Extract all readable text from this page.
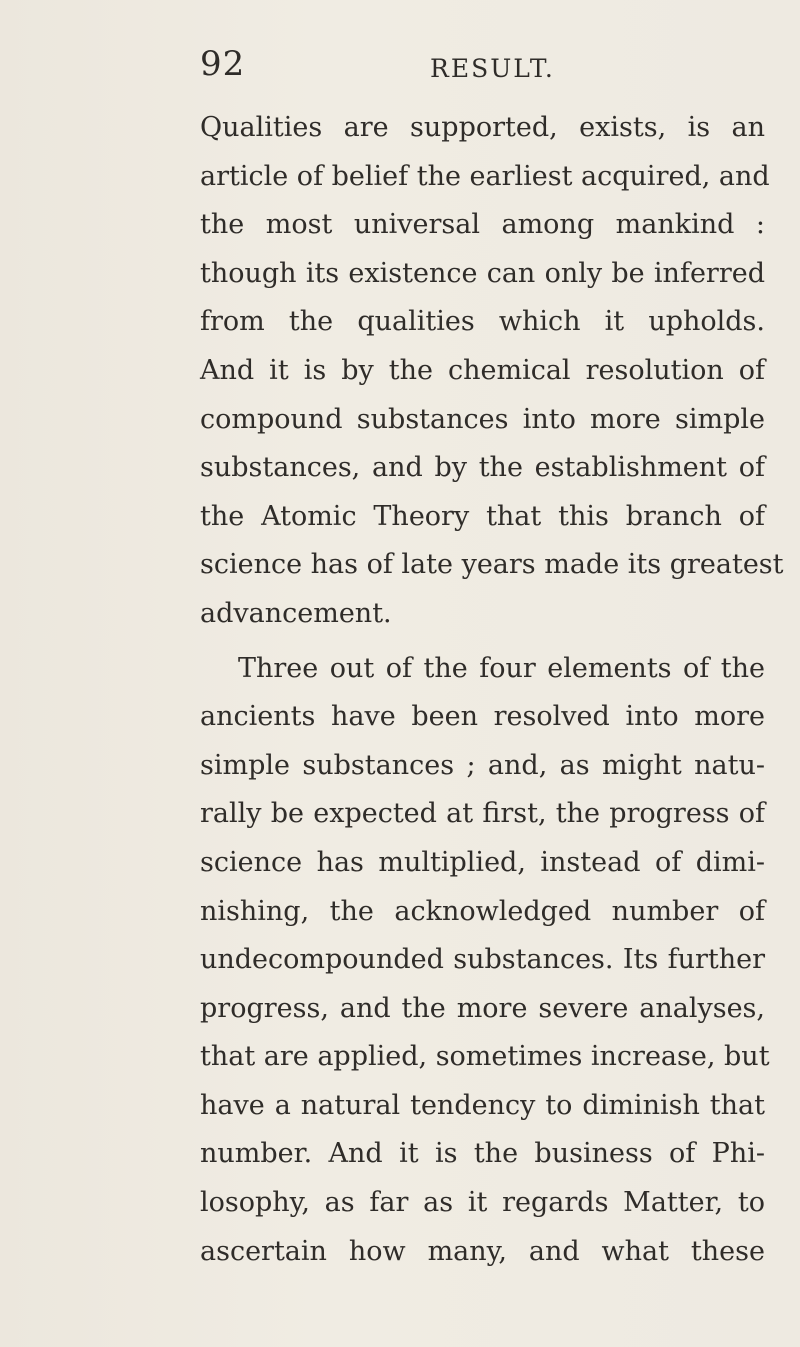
92	RESULT.
Qualities are supported, exists, is an
article of belief the earliest acquired, and
the most universal among mankind :
though its existence can only be inferred
from the qualities which it upholds.
And it is by the chemical resolution of
compound substances into more simple
substances, and by the establishment of
the Atomic Theory that this branch of
science has of late years made its greatest
advancement.
Three out of the four elements of the
ancients have been resolved into more
simple substances ; and, as might natu-
rally be expected at first, the progress of
science has multiplied, instead of dimi-
nishing, the acknowledged number of
undecompounded substances. Its further
progress, and the more severe analyses,
that are applied, sometimes increase, but
have a natural tendency to diminish that
number. And it is the business of Phi-
losophy, as far as it regards Matter, to
ascertain how many, and what these
